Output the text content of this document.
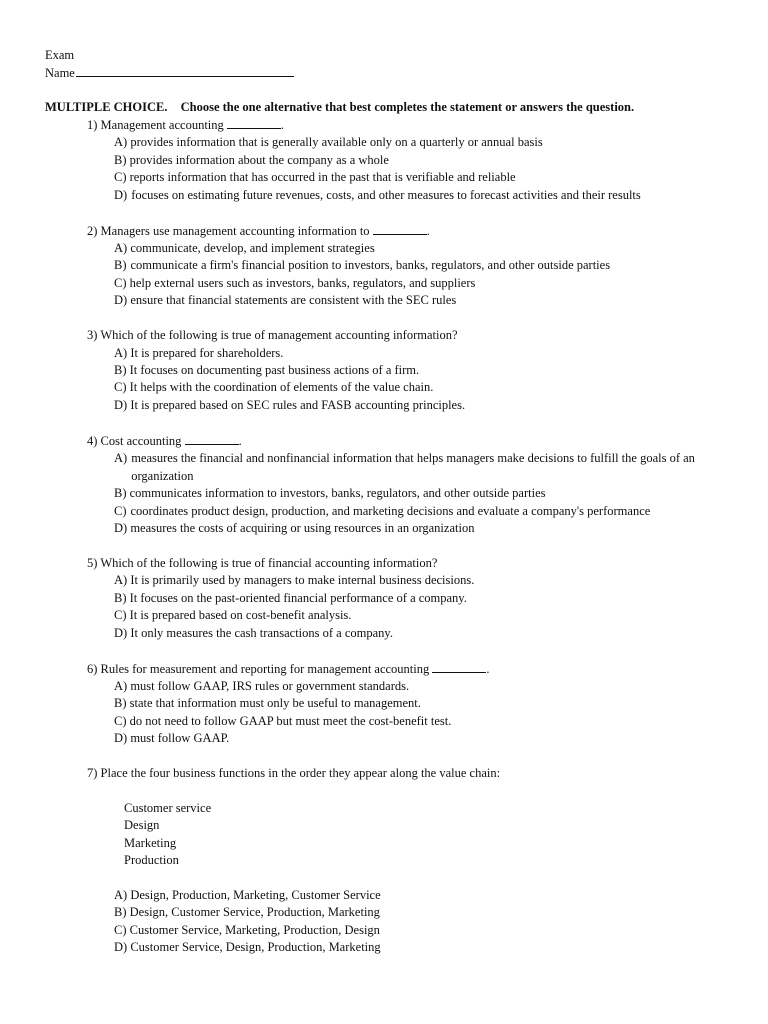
Exam
Name
MULTIPLE CHOICE. Choose the one alternative that best completes the statement or answers the question.
1) Management accounting	.
A) provides information that is generally available only on a quarterly or annual basis
B) provides information about the company as a whole
C) reports information that has occurred in the past that is verifiable and reliable
D) focuses on estimating future revenues, costs, and other measures to forecast activities and their results
2) Managers use management accounting information to	.
A) communicate, develop, and implement strategies
B) communicate a firm's financial position to investors, banks, regulators, and other outside parties
C) help external users such as investors, banks, regulators, and suppliers
D) ensure that financial statements are consistent with the SEC rules
3) Which of the following is true of management accounting information?
A) It is prepared for shareholders.
B) It focuses on documenting past business actions of a firm.
C) It helps with the coordination of elements of the value chain.
D) It is prepared based on SEC rules and FASB accounting principles.
4) Cost accounting	.
A) measures the financial and nonfinancial information that helps managers make decisions to fulfill the goals of an organization
B) communicates information to investors, banks, regulators, and other outside parties
C) coordinates product design, production, and marketing decisions and evaluate a company's performance
D) measures the costs of acquiring or using resources in an organization
5) Which of the following is true of financial accounting information?
A) It is primarily used by managers to make internal business decisions.
B) It focuses on the past-oriented financial performance of a company.
C) It is prepared based on cost-benefit analysis.
D) It only measures the cash transactions of a company.
6) Rules for measurement and reporting for management accounting	.
A) must follow GAAP, IRS rules or government standards.
B) state that information must only be useful to management.
C) do not need to follow GAAP but must meet the cost-benefit test.
D) must follow GAAP.
7) Place the four business functions in the order they appear along the value chain:
Customer service
Design
Marketing
Production
A) Design, Production, Marketing, Customer Service
B) Design, Customer Service, Production, Marketing
C) Customer Service, Marketing, Production, Design
D) Customer Service, Design, Production, Marketing
